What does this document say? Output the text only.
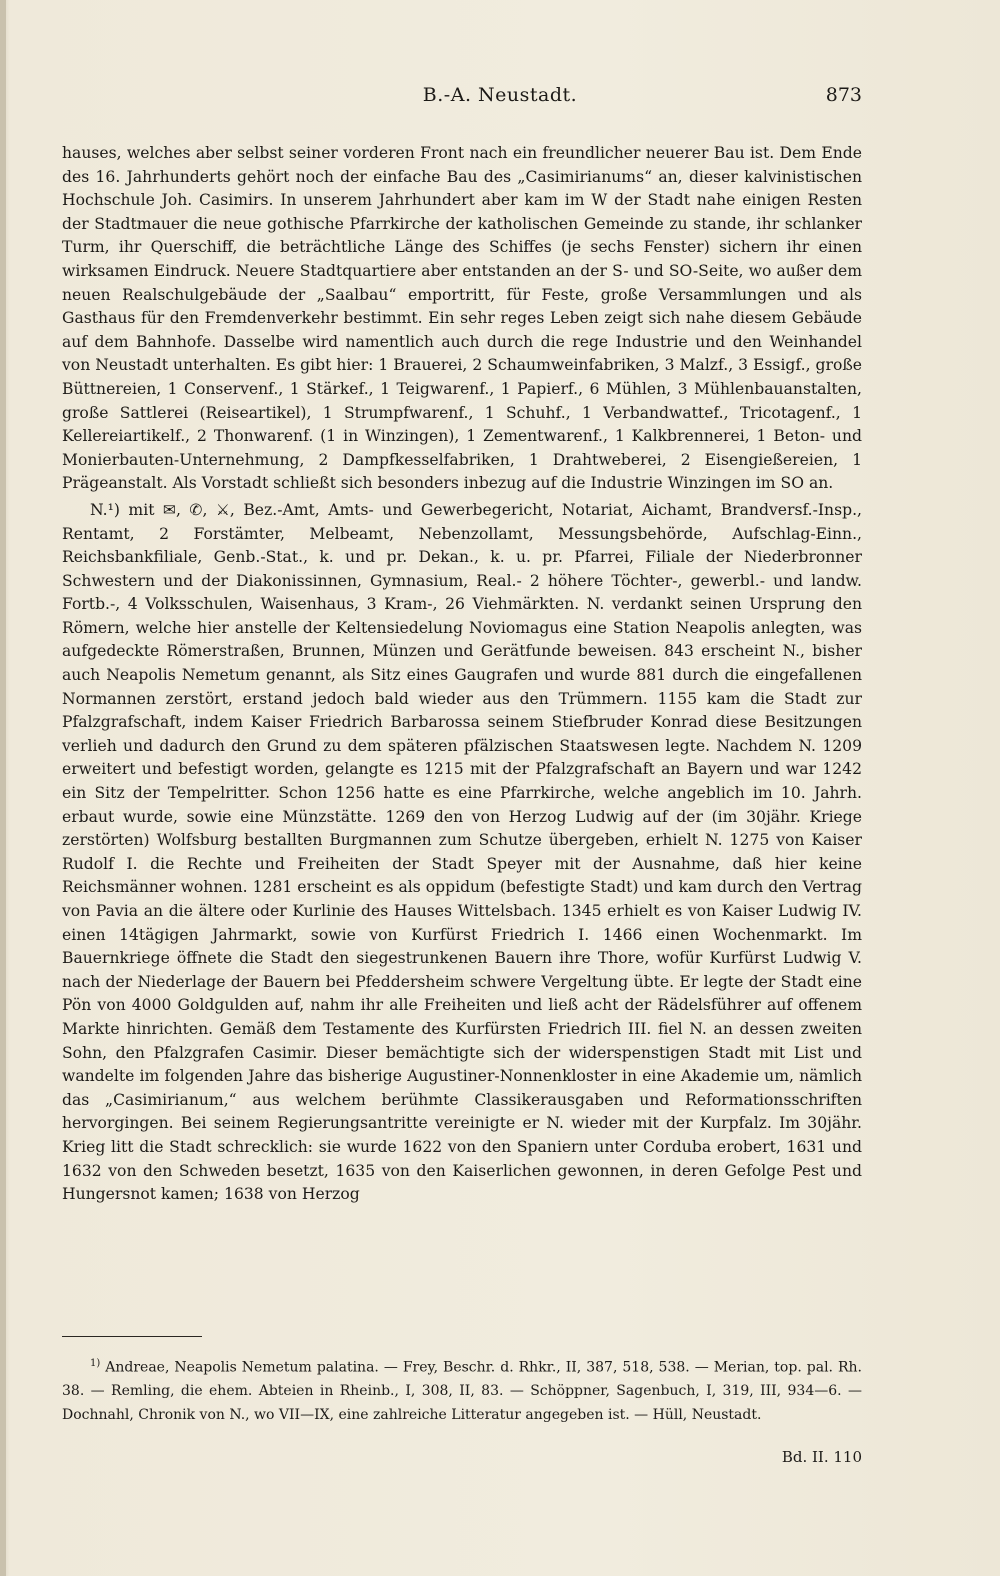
B.-A. Neustadt.	873

hauses, welches aber selbst seiner vorderen Front nach ein freundlicher neuerer Bau ist. Dem Ende des 16. Jahrhunderts gehört noch der einfache Bau des „Casimirianums“ an, dieser kalvinistischen Hochschule Joh. Casimirs. In unserem Jahrhundert aber kam im W der Stadt nahe einigen Resten der Stadtmauer die neue gothische Pfarrkirche der katholischen Gemeinde zu stande, ihr schlanker Turm, ihr Querschiff, die beträchtliche Länge des Schiffes (je sechs Fenster) sichern ihr einen wirksamen Eindruck. Neuere Stadtquartiere aber entstanden an der S- und SO-Seite, wo außer dem neuen Realschulgebäude der „Saalbau“ emportritt, für Feste, große Versammlungen und als Gasthaus für den Fremdenverkehr bestimmt. Ein sehr reges Leben zeigt sich nahe diesem Gebäude auf dem Bahnhofe. Dasselbe wird namentlich auch durch die rege Industrie und den Weinhandel von Neustadt unterhalten. Es gibt hier: 1 Brauerei, 2 Schaumweinfabriken, 3 Malzf., 3 Essigf., große Büttnereien, 1 Conservenf., 1 Stärkef., 1 Teigwarenf., 1 Papierf., 6 Mühlen, 3 Mühlenbauanstalten, große Sattlerei (Reiseartikel), 1 Strumpfwarenf., 1 Schuhf., 1 Verbandwattef., Tricotagenf., 1 Kellereiartikelf., 2 Thonwarenf. (1 in Winzingen), 1 Zementwarenf., 1 Kalkbrennerei, 1 Beton- und Monierbauten-Unternehmung, 2 Dampfkesselfabriken, 1 Drahtweberei, 2 Eisengießereien, 1 Prägeanstalt. Als Vorstadt schließt sich besonders inbezug auf die Industrie Winzingen im SO an.

N.¹) mit ✉, ✆, ⚔, Bez.-Amt, Amts- und Gewerbegericht, Notariat, Aichamt, Brandversf.-Insp., Rentamt, 2 Forstämter, Melbeamt, Nebenzollamt, Messungsbehörde, Aufschlag-Einn., Reichsbankfiliale, Genb.-Stat., k. und pr. Dekan., k. u. pr. Pfarrei, Filiale der Niederbronner Schwestern und der Diakonissinnen, Gymnasium, Real.- 2 höhere Töchter-, gewerbl.- und landw. Fortb.-, 4 Volksschulen, Waisenhaus, 3 Kram-, 26 Viehmärkten. N. verdankt seinen Ursprung den Römern, welche hier anstelle der Keltensiedelung Noviomagus eine Station Neapolis anlegten, was aufgedeckte Römerstraßen, Brunnen, Münzen und Gerätfunde beweisen. 843 erscheint N., bisher auch Neapolis Nemetum genannt, als Sitz eines Gaugrafen und wurde 881 durch die eingefallenen Normannen zerstört, erstand jedoch bald wieder aus den Trümmern. 1155 kam die Stadt zur Pfalzgrafschaft, indem Kaiser Friedrich Barbarossa seinem Stiefbruder Konrad diese Besitzungen verlieh und dadurch den Grund zu dem späteren pfälzischen Staatswesen legte. Nachdem N. 1209 erweitert und befestigt worden, gelangte es 1215 mit der Pfalzgrafschaft an Bayern und war 1242 ein Sitz der Tempelritter. Schon 1256 hatte es eine Pfarrkirche, welche angeblich im 10. Jahrh. erbaut wurde, sowie eine Münzstätte. 1269 den von Herzog Ludwig auf der (im 30jähr. Kriege zerstörten) Wolfsburg bestallten Burgmannen zum Schutze übergeben, erhielt N. 1275 von Kaiser Rudolf I. die Rechte und Freiheiten der Stadt Speyer mit der Ausnahme, daß hier keine Reichsmänner wohnen. 1281 erscheint es als oppidum (befestigte Stadt) und kam durch den Vertrag von Pavia an die ältere oder Kurlinie des Hauses Wittelsbach. 1345 erhielt es von Kaiser Ludwig IV. einen 14tägigen Jahrmarkt, sowie von Kurfürst Friedrich I. 1466 einen Wochenmarkt. Im Bauernkriege öffnete die Stadt den siegestrunkenen Bauern ihre Thore, wofür Kurfürst Ludwig V. nach der Niederlage der Bauern bei Pfeddersheim schwere Vergeltung übte. Er legte der Stadt eine Pön von 4000 Goldgulden auf, nahm ihr alle Freiheiten und ließ acht der Rädelsführer auf offenem Markte hinrichten. Gemäß dem Testamente des Kurfürsten Friedrich III. fiel N. an dessen zweiten Sohn, den Pfalzgrafen Casimir. Dieser bemächtigte sich der widerspenstigen Stadt mit List und wandelte im folgenden Jahre das bisherige Augustiner-Nonnenkloster in eine Akademie um, nämlich das „Casimirianum,“ aus welchem berühmte Classikerausgaben und Reformationsschriften hervorgingen. Bei seinem Regierungsantritte vereinigte er N. wieder mit der Kurpfalz. Im 30jähr. Krieg litt die Stadt schrecklich: sie wurde 1622 von den Spaniern unter Corduba erobert, 1631 und 1632 von den Schweden besetzt, 1635 von den Kaiserlichen gewonnen, in deren Gefolge Pest und Hungersnot kamen; 1638 von Herzog

$^{1)}$ Andreae, Neapolis Nemetum palatina. — Frey, Beschr. d. Rhkr., II, 387, 518, 538. — Merian, top. pal. Rh. 38. — Remling, die ehem. Abteien in Rheinb., I, 308, II, 83. — Schöppner, Sagenbuch, I, 319, III, 934—6. — Dochnahl, Chronik von N., wo VII—IX, eine zahlreiche Litteratur angegeben ist. — Hüll, Neustadt.
Bd. II. 110
